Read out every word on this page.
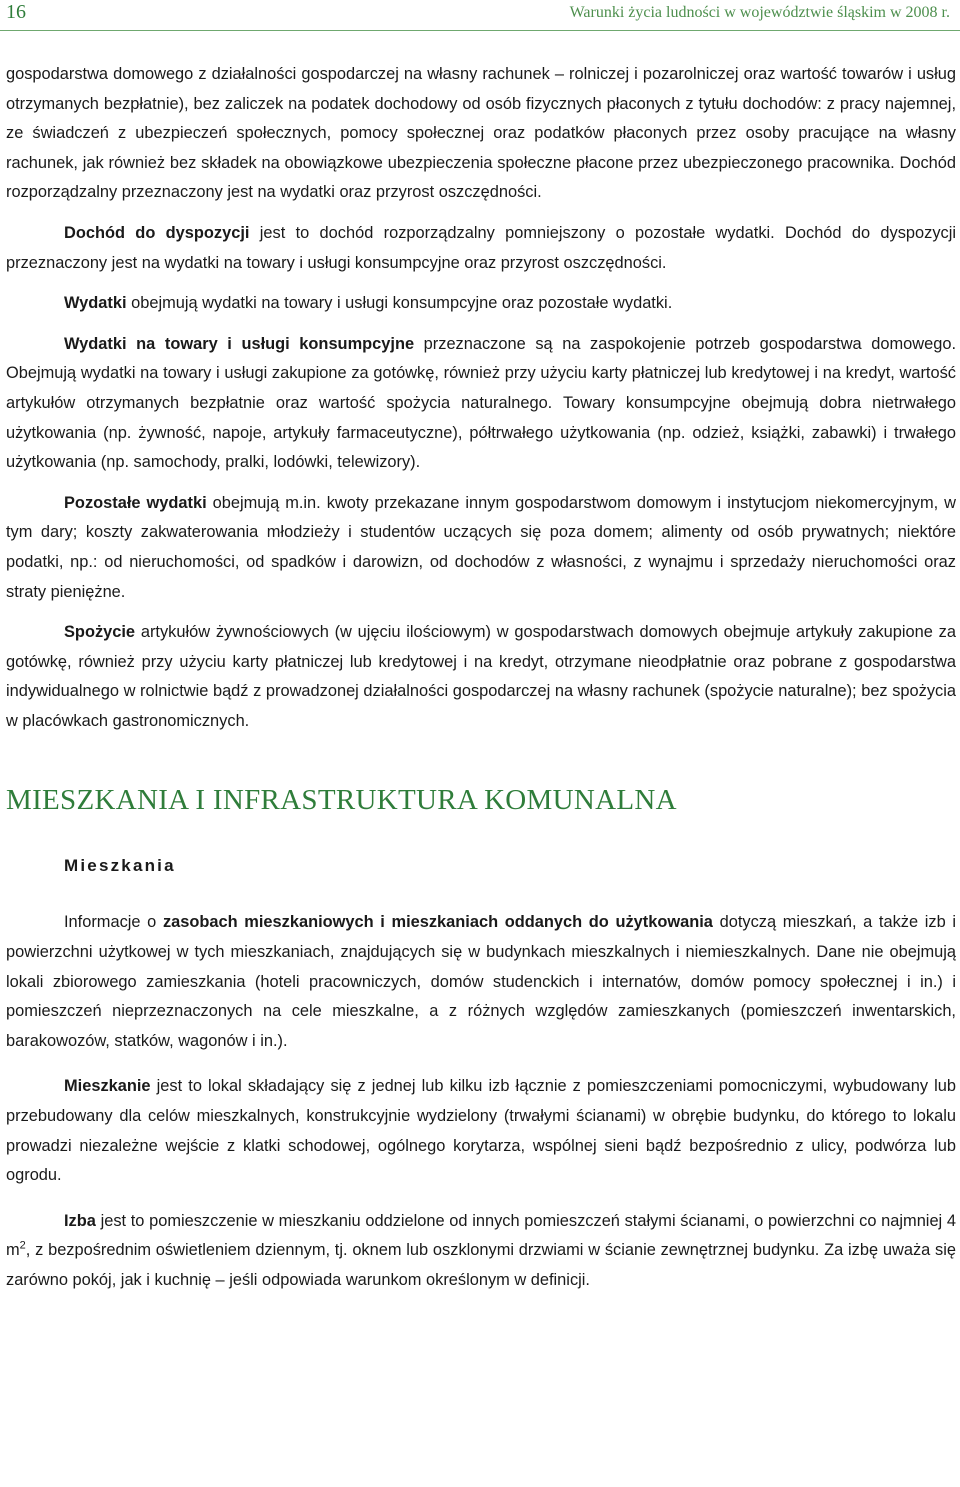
16	Warunki życia ludności w województwie śląskim w 2008 r.

gospodarstwa domowego z działalności gospodarczej na własny rachunek – rolniczej i pozarolniczej oraz wartość towarów i usług otrzymanych bezpłatnie), bez zaliczek na podatek dochodowy od osób fizycznych płaconych z tytułu dochodów: z pracy najemnej, ze świadczeń z ubezpieczeń społecznych, pomocy społecznej oraz podatków płaconych przez osoby pracujące na własny rachunek, jak również bez składek na obowiązkowe ubezpieczenia społeczne płacone przez ubezpieczonego pracownika. Dochód rozporządzalny przeznaczony jest na wydatki oraz przyrost oszczędności.

Dochód do dyspozycji jest to dochód rozporządzalny pomniejszony o pozostałe wydatki. Dochód do dyspozycji przeznaczony jest na wydatki na towary i usługi konsumpcyjne oraz przyrost oszczędności.

Wydatki obejmują wydatki na towary i usługi konsumpcyjne oraz pozostałe wydatki.

Wydatki na towary i usługi konsumpcyjne przeznaczone są na zaspokojenie potrzeb gospodarstwa domowego. Obejmują wydatki na towary i usługi zakupione za gotówkę, również przy użyciu karty płatniczej lub kredytowej i na kredyt, wartość artykułów otrzymanych bezpłatnie oraz wartość spożycia naturalnego. Towary konsumpcyjne obejmują dobra nietrwałego użytkowania (np. żywność, napoje, artykuły farmaceutyczne), półtrwałego użytkowania (np. odzież, książki, zabawki) i trwałego użytkowania (np. samochody, pralki, lodówki, telewizory).

Pozostałe wydatki obejmują m.in. kwoty przekazane innym gospodarstwom domowym i instytucjom niekomercyjnym, w tym dary; koszty zakwaterowania młodzieży i studentów uczących się poza domem; alimenty od osób prywatnych; niektóre podatki, np.: od nieruchomości, od spadków i darowizn, od dochodów z własności, z wynajmu i sprzedaży nieruchomości oraz straty pieniężne.

Spożycie artykułów żywnościowych (w ujęciu ilościowym) w gospodarstwach domowych obejmuje artykuły zakupione za gotówkę, również przy użyciu karty płatniczej lub kredytowej i na kredyt, otrzymane nieodpłatnie oraz pobrane z gospodarstwa indywidualnego w rolnictwie bądź z prowadzonej działalności gospodarczej na własny rachunek (spożycie naturalne); bez spożycia w placówkach gastronomicznych.

MIESZKANIA I INFRASTRUKTURA KOMUNALNA
Mieszkania

Informacje o zasobach mieszkaniowych i mieszkaniach oddanych do użytkowania dotyczą mieszkań, a także izb i powierzchni użytkowej w tych mieszkaniach, znajdujących się w budynkach mieszkalnych i niemieszkalnych. Dane nie obejmują lokali zbiorowego zamieszkania (hoteli pracowniczych, domów studenckich i internatów, domów pomocy społecznej i in.) i pomieszczeń nieprzeznaczonych na cele mieszkalne, a z różnych względów zamieszkanych (pomieszczeń inwentarskich, barakowozów, statków, wagonów i in.).

Mieszkanie jest to lokal składający się z jednej lub kilku izb łącznie z pomieszczeniami pomocniczymi, wybudowany lub przebudowany dla celów mieszkalnych, konstrukcyjnie wydzielony (trwałymi ścianami) w obrębie budynku, do którego to lokalu prowadzi niezależne wejście z klatki schodowej, ogólnego korytarza, wspólnej sieni bądź bezpośrednio z ulicy, podwórza lub ogrodu.

Izba jest to pomieszczenie w mieszkaniu oddzielone od innych pomieszczeń stałymi ścianami, o powierzchni co najmniej 4 $m^2$, z bezpośrednim oświetleniem dziennym, tj. oknem lub oszklonymi drzwiami w ścianie zewnętrznej budynku. Za izbę uważa się zarówno pokój, jak i kuchnię – jeśli odpowiada warunkom określonym w definicji.
